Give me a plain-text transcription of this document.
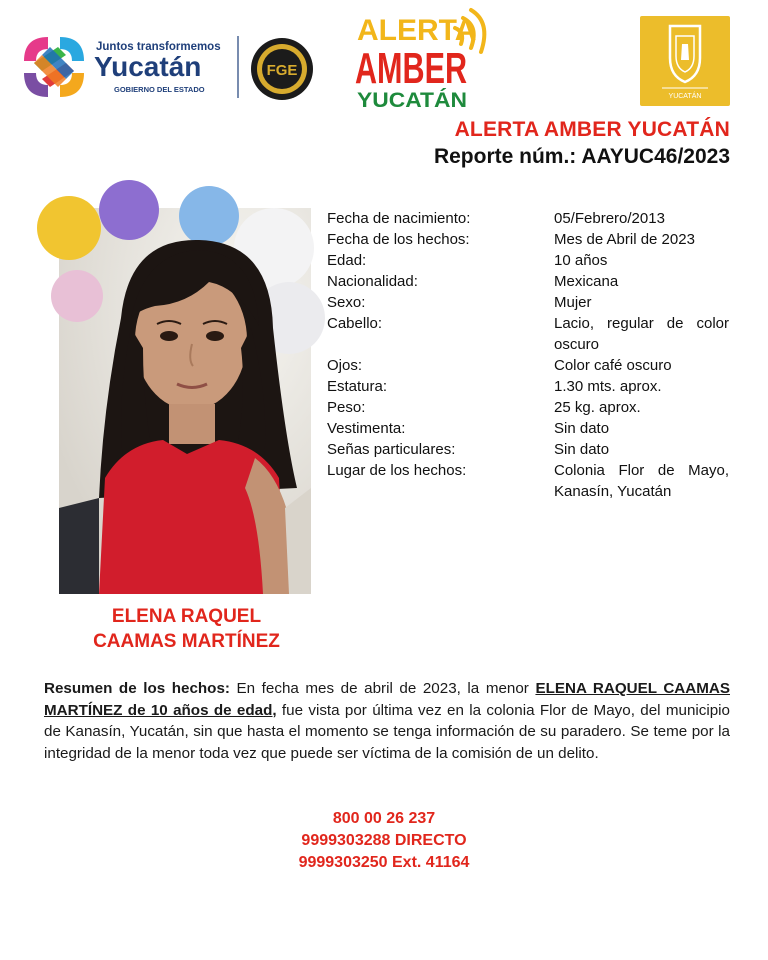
Juntos transformemos
Yucatán
GOBIERNO DEL ESTADO
FGE
ALERTA
AMBER
YUCATÁN	YUCATÁN
ALERTA AMBER YUCATÁN
Reporte núm.: AAYUC46/2023
ELENA RAQUEL
CAAMAS MARTÍNEZ
Fecha de nacimiento:	05/Febrero/2013
Fecha de los hechos:	Mes de Abril de 2023
Edad:	10 años
Nacionalidad:	Mexicana
Sexo:	Mujer
Cabello:	Lacio, regular de color oscuro
Ojos:	Color café oscuro
Estatura:	1.30 mts. aprox.
Peso:	25 kg. aprox.
Vestimenta:	Sin dato
Señas particulares:	Sin dato
Lugar de los hechos:	Colonia Flor de Mayo, Kanasín, Yucatán
Resumen de los hechos: En fecha mes de abril de 2023, la menor ELENA RAQUEL CAAMAS MARTÍNEZ de 10 años de edad, fue vista por última vez en la colonia Flor de Mayo, del municipio de Kanasín, Yucatán, sin que hasta el momento se tenga información de su paradero. Se teme por la integridad de la menor toda vez que puede ser víctima de la comisión de un delito.
800 00 26 237
9999303288 DIRECTO
9999303250 Ext. 41164
